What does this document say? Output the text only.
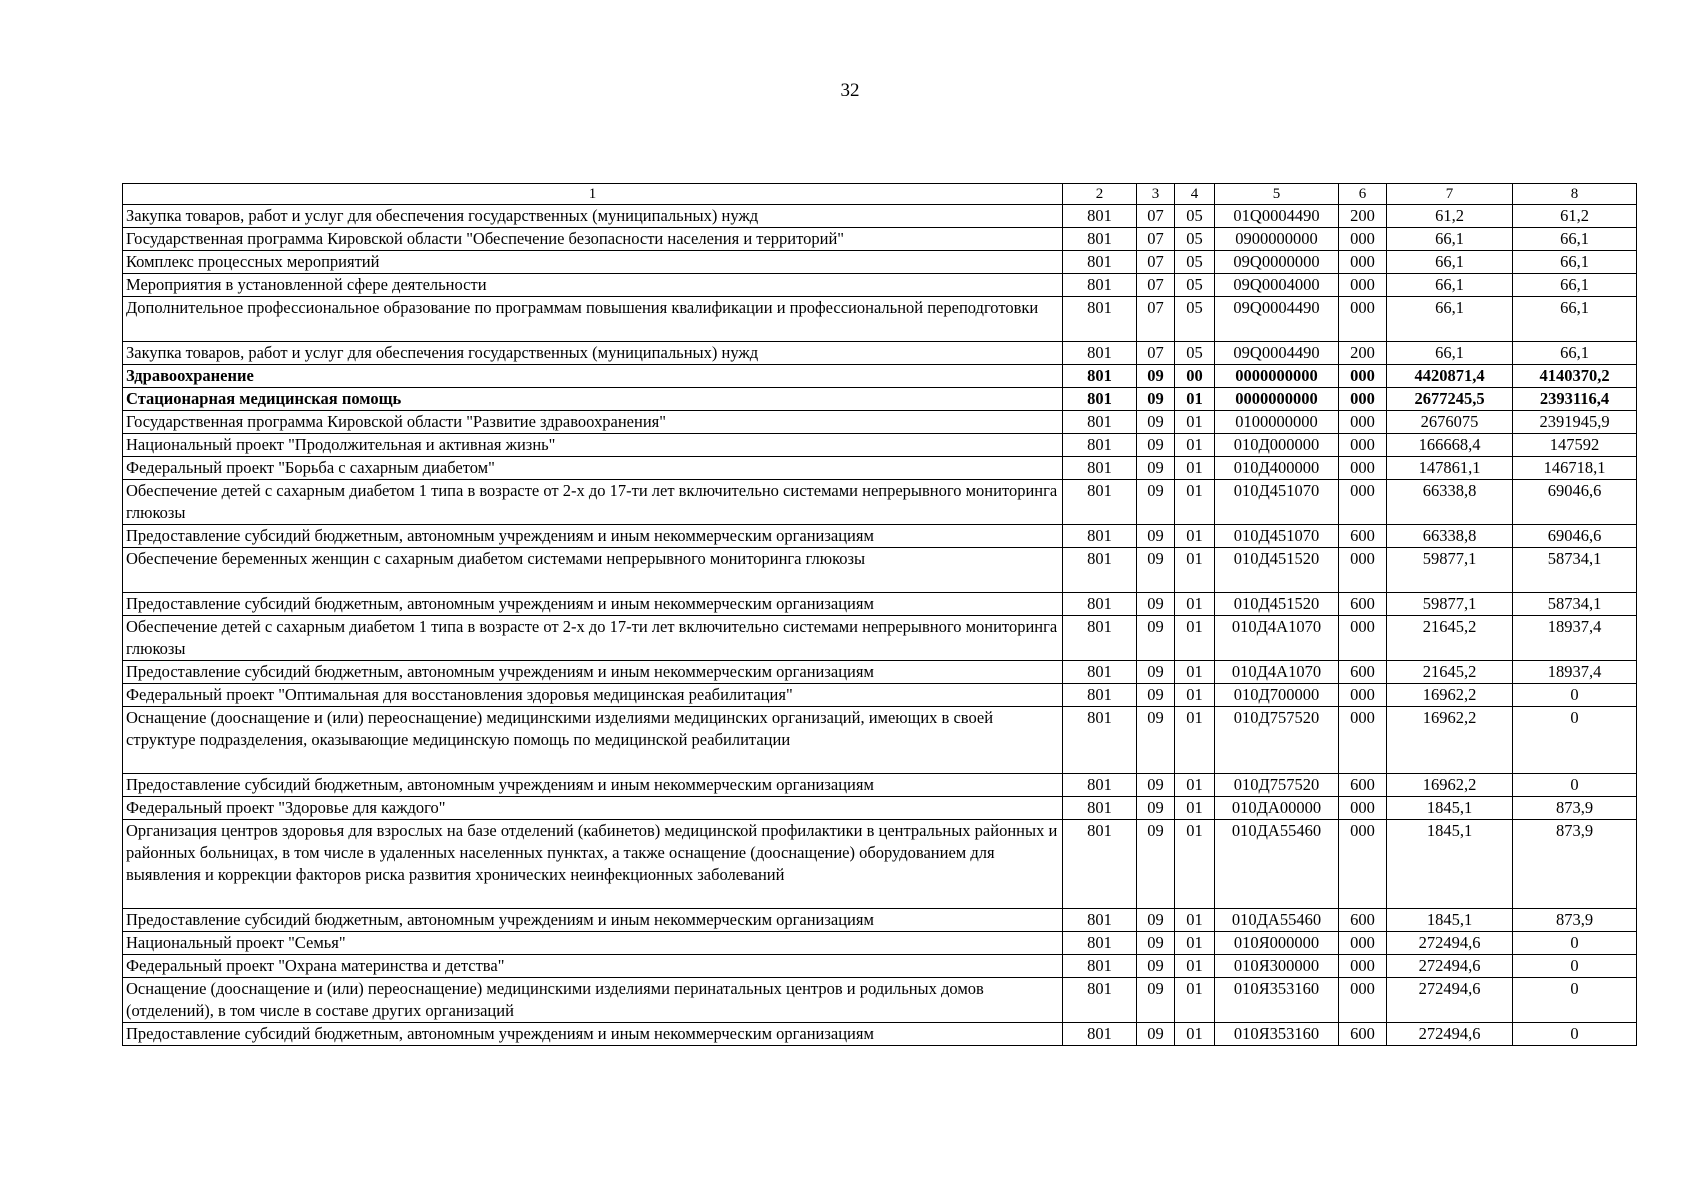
32
1	2	3	4	5	6	7	8
Закупка товаров, работ и услуг для обеспечения государственных (муниципальных) нужд	801	07	05	01Q0004490	200	61,2	61,2
Государственная программа Кировской области "Обеспечение безопасности населения и территорий"	801	07	05	0900000000	000	66,1	66,1
Комплекс процессных мероприятий	801	07	05	09Q0000000	000	66,1	66,1
Мероприятия в установленной сфере деятельности	801	07	05	09Q0004000	000	66,1	66,1
Дополнительное профессиональное образование по программам повышения квалификации и профессиональной переподготовки	801	07	05	09Q0004490	000	66,1	66,1
Закупка товаров, работ и услуг для обеспечения государственных (муниципальных) нужд	801	07	05	09Q0004490	200	66,1	66,1
Здравоохранение	801	09	00	0000000000	000	4420871,4	4140370,2
Стационарная медицинская помощь	801	09	01	0000000000	000	2677245,5	2393116,4
Государственная программа Кировской области "Развитие здравоохранения"	801	09	01	0100000000	000	2676075	2391945,9
Национальный проект "Продолжительная и активная жизнь"	801	09	01	010Д000000	000	166668,4	147592
Федеральный проект "Борьба с сахарным диабетом"	801	09	01	010Д400000	000	147861,1	146718,1
Обеспечение детей с сахарным диабетом 1 типа в возрасте от 2-х до 17-ти лет включительно системами непрерывного мониторинга глюкозы	801	09	01	010Д451070	000	66338,8	69046,6
Предоставление субсидий бюджетным, автономным учреждениям и иным некоммерческим организациям	801	09	01	010Д451070	600	66338,8	69046,6
Обеспечение беременных женщин с сахарным диабетом системами непрерывного мониторинга глюкозы	801	09	01	010Д451520	000	59877,1	58734,1
Предоставление субсидий бюджетным, автономным учреждениям и иным некоммерческим организациям	801	09	01	010Д451520	600	59877,1	58734,1
Обеспечение детей с сахарным диабетом 1 типа в возрасте от 2-х до 17-ти лет включительно системами непрерывного мониторинга глюкозы	801	09	01	010Д4А1070	000	21645,2	18937,4
Предоставление субсидий бюджетным, автономным учреждениям и иным некоммерческим организациям	801	09	01	010Д4А1070	600	21645,2	18937,4
Федеральный проект "Оптимальная для восстановления здоровья медицинская реабилитация"	801	09	01	010Д700000	000	16962,2	0
Оснащение (дооснащение и (или) переоснащение) медицинскими изделиями медицинских организаций, имеющих в своей структуре подразделения, оказывающие медицинскую помощь по медицинской реабилитации	801	09	01	010Д757520	000	16962,2	0
Предоставление субсидий бюджетным, автономным учреждениям и иным некоммерческим организациям	801	09	01	010Д757520	600	16962,2	0
Федеральный проект "Здоровье для каждого"	801	09	01	010ДА00000	000	1845,1	873,9
Организация центров здоровья для взрослых на базе отделений (кабинетов) медицинской профилактики в центральных районных и районных больницах, в том числе в удаленных населенных пунктах, а также оснащение (дооснащение) оборудованием для выявления и коррекции факторов риска развития хронических неинфекционных заболеваний	801	09	01	010ДА55460	000	1845,1	873,9
Предоставление субсидий бюджетным, автономным учреждениям и иным некоммерческим организациям	801	09	01	010ДА55460	600	1845,1	873,9
Национальный проект "Семья"	801	09	01	010Я000000	000	272494,6	0
Федеральный проект "Охрана материнства и детства"	801	09	01	010Я300000	000	272494,6	0
Оснащение (дооснащение и (или) переоснащение) медицинскими изделиями перинатальных центров и родильных домов (отделений), в том числе в составе других организаций	801	09	01	010Я353160	000	272494,6	0
Предоставление субсидий бюджетным, автономным учреждениям и иным некоммерческим организациям	801	09	01	010Я353160	600	272494,6	0
